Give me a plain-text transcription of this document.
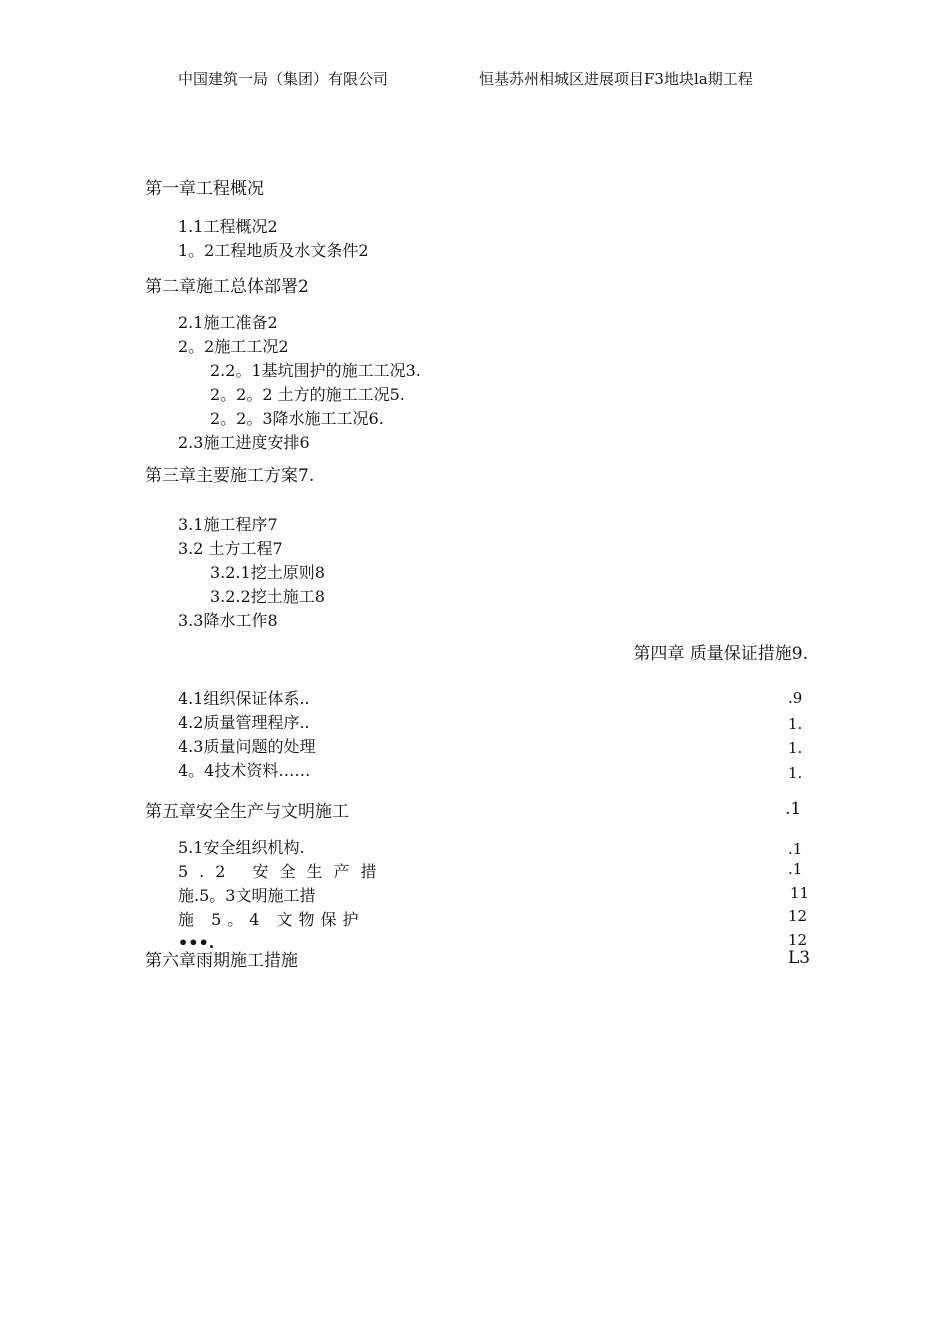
中国建筑一局（集团）有限公司	恒基苏州相城区进展项目F3地块la期工程
第一章工程概况
1.1工程概况2
1。2工程地质及水文条件2
第二章施工总体部署2
2.1施工准备2
2。2施工工况2
2.2。1基坑围护的施工工况3.
2。2。2 土方的施工工况5.
2。2。3降水施工工况6.
2.3施工进度安排6
第三章主要施工方案7.
3.1施工程序7
3.2 土方工程7
3.2.1挖土原则8
3.2.2挖土施工8
3.3降水工作8
第四章 质量保证措施9.
4.1组织保证体系..	.9
4.2质量管理程序..	1.
4.3质量问题的处理	1.
4。4技术资料……	1.
第五章安全生产与文明施工	.1
5.1安全组织机构.	.1
5.2 安全生产措	.1
施.5。3文明施工措	11
施 5。4 文物保护	12
•••.	12
第六章雨期施工措施	L3
